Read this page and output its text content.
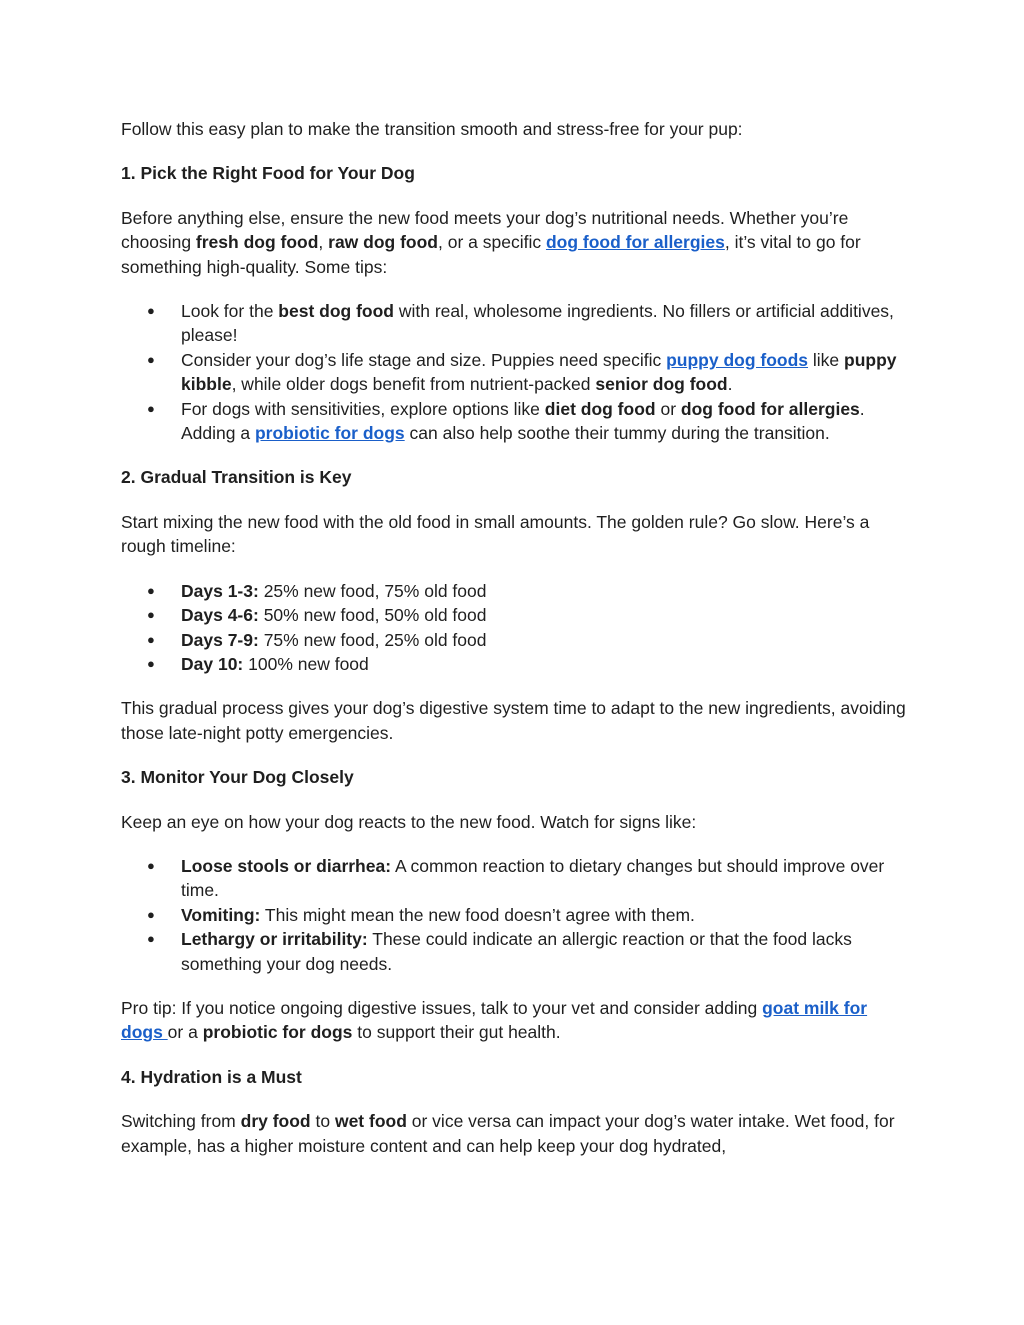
Follow this easy plan to make the transition smooth and stress-free for your pup:

1. Pick the Right Food for Your Dog

Before anything else, ensure the new food meets your dog’s nutritional needs. Whether you’re choosing fresh dog food, raw dog food, or a specific dog food for allergies, it’s vital to go for something high-quality. Some tips:

● Look for the best dog food with real, wholesome ingredients. No fillers or artificial additives, please!
● Consider your dog’s life stage and size. Puppies need specific puppy dog foods like puppy kibble, while older dogs benefit from nutrient-packed senior dog food.
● For dogs with sensitivities, explore options like diet dog food or dog food for allergies. Adding a probiotic for dogs can also help soothe their tummy during the transition.
2. Gradual Transition is Key

Start mixing the new food with the old food in small amounts. The golden rule? Go slow. Here’s a rough timeline:

● Days 1-3: 25% new food, 75% old food
● Days 4-6: 50% new food, 50% old food
● Days 7-9: 75% new food, 25% old food
● Day 10: 100% new food

This gradual process gives your dog’s digestive system time to adapt to the new ingredients, avoiding those late-night potty emergencies.

3. Monitor Your Dog Closely

Keep an eye on how your dog reacts to the new food. Watch for signs like:

● Loose stools or diarrhea: A common reaction to dietary changes but should improve over time.
● Vomiting: This might mean the new food doesn’t agree with them.
● Lethargy or irritability: These could indicate an allergic reaction or that the food lacks something your dog needs.

Pro tip: If you notice ongoing digestive issues, talk to your vet and consider adding goat milk for dogs or a probiotic for dogs to support their gut health.

4. Hydration is a Must

Switching from dry food to wet food or vice versa can impact your dog’s water intake. Wet food, for example, has a higher moisture content and can help keep your dog hydrated,
